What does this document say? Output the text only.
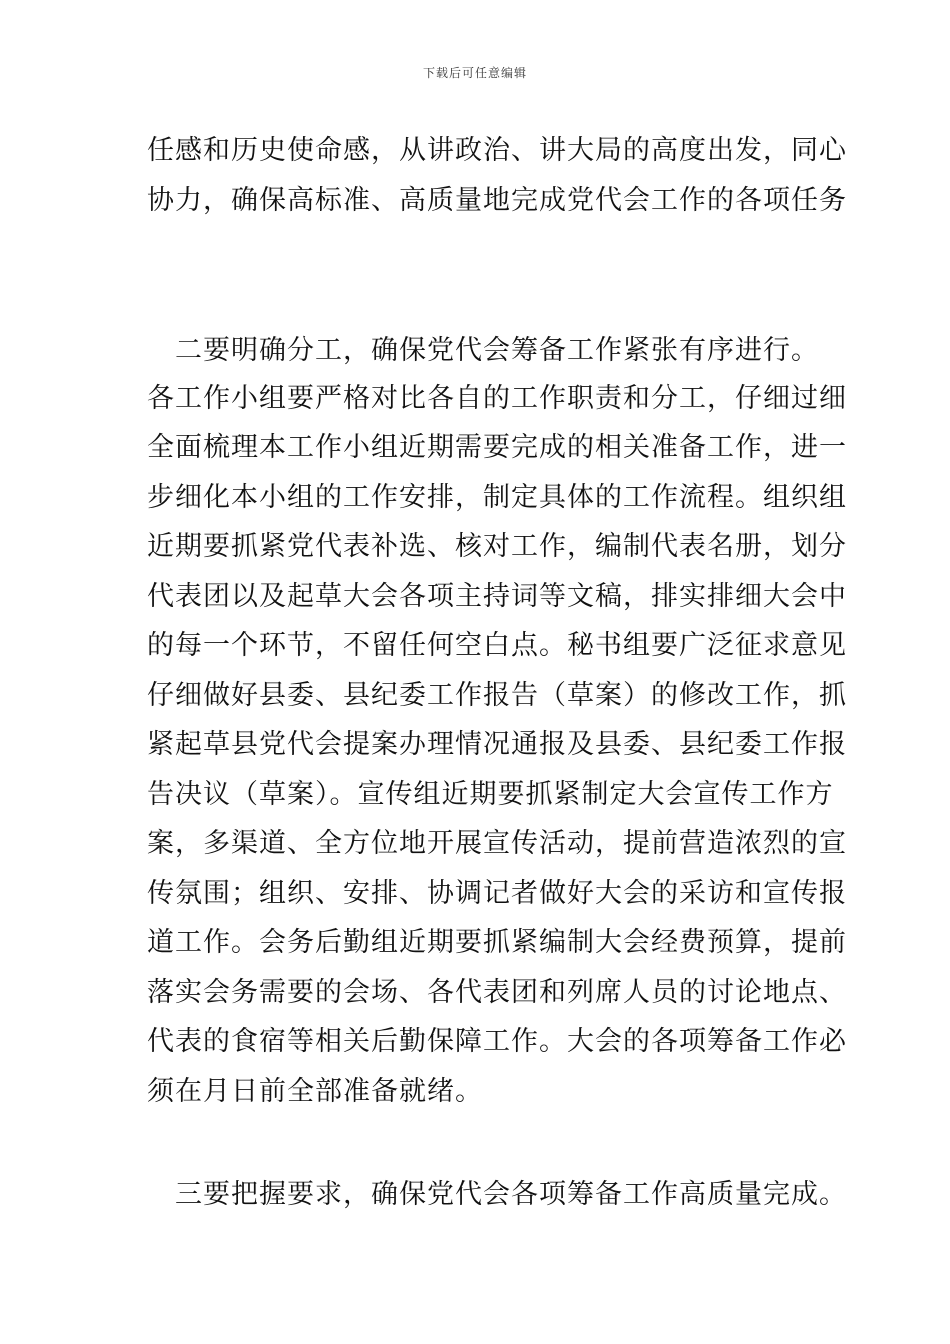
下载后可任意编辑
任感和历史使命感，从讲政治、讲大局的高度出发，同心
协力，确保高标准、高质量地完成党代会工作的各项任务
　二要明确分工，确保党代会筹备工作紧张有序进行。
各工作小组要严格对比各自的工作职责和分工，仔细过细
全面梳理本工作小组近期需要完成的相关准备工作，进一
步细化本小组的工作安排，制定具体的工作流程。组织组
近期要抓紧党代表补选、核对工作，编制代表名册，划分
代表团以及起草大会各项主持词等文稿，排实排细大会中
的每一个环节，不留任何空白点。秘书组要广泛征求意见
仔细做好县委、县纪委工作报告（草案）的修改工作，抓
紧起草县党代会提案办理情况通报及县委、县纪委工作报
告决议（草案）。宣传组近期要抓紧制定大会宣传工作方
案，多渠道、全方位地开展宣传活动，提前营造浓烈的宣
传氛围；组织、安排、协调记者做好大会的采访和宣传报
道工作。会务后勤组近期要抓紧编制大会经费预算，提前
落实会务需要的会场、各代表团和列席人员的讨论地点、
代表的食宿等相关后勤保障工作。大会的各项筹备工作必
须在月日前全部准备就绪。
　三要把握要求，确保党代会各项筹备工作高质量完成。
